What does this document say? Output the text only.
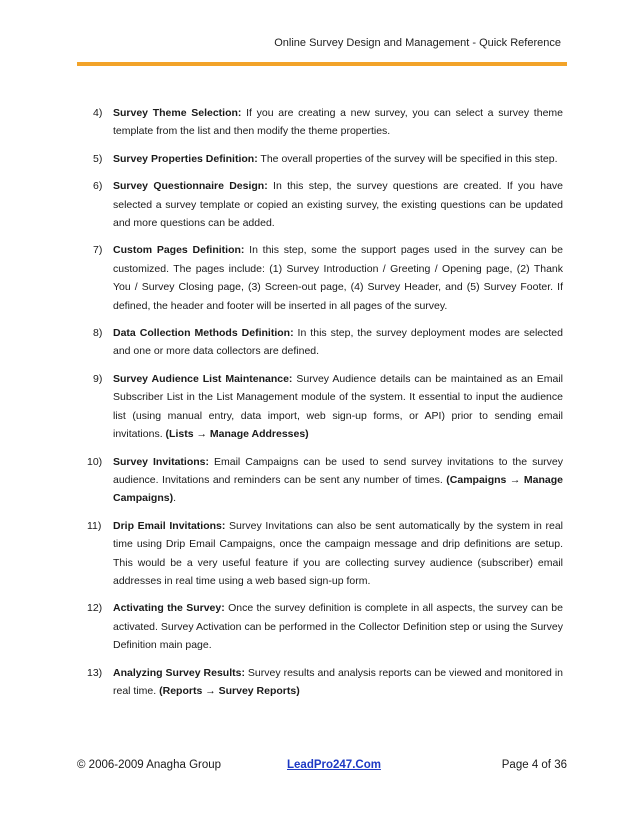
Online Survey Design and Management - Quick Reference
4) Survey Theme Selection: If you are creating a new survey, you can select a survey theme template from the list and then modify the theme properties.
5) Survey Properties Definition: The overall properties of the survey will be specified in this step.
6) Survey Questionnaire Design: In this step, the survey questions are created. If you have selected a survey template or copied an existing survey, the existing questions can be updated and more questions can be added.
7) Custom Pages Definition: In this step, some the support pages used in the survey can be customized. The pages include: (1) Survey Introduction / Greeting / Opening page, (2) Thank You / Survey Closing page, (3) Screen-out page, (4) Survey Header, and (5) Survey Footer. If defined, the header and footer will be inserted in all pages of the survey.
8) Data Collection Methods Definition: In this step, the survey deployment modes are selected and one or more data collectors are defined.
9) Survey Audience List Maintenance: Survey Audience details can be maintained as an Email Subscriber List in the List Management module of the system. It essential to input the audience list (using manual entry, data import, web sign-up forms, or API) prior to sending email invitations. (Lists → Manage Addresses)
10) Survey Invitations: Email Campaigns can be used to send survey invitations to the survey audience. Invitations and reminders can be sent any number of times. (Campaigns → Manage Campaigns).
11) Drip Email Invitations: Survey Invitations can also be sent automatically by the system in real time using Drip Email Campaigns, once the campaign message and drip definitions are setup. This would be a very useful feature if you are collecting survey audience (subscriber) email addresses in real time using a web based sign-up form.
12) Activating the Survey: Once the survey definition is complete in all aspects, the survey can be activated. Survey Activation can be performed in the Collector Definition step or using the Survey Definition main page.
13) Analyzing Survey Results: Survey results and analysis reports can be viewed and monitored in real time. (Reports → Survey Reports)
© 2006-2009 Anagha Group	LeadPro247.Com	Page 4 of 36
